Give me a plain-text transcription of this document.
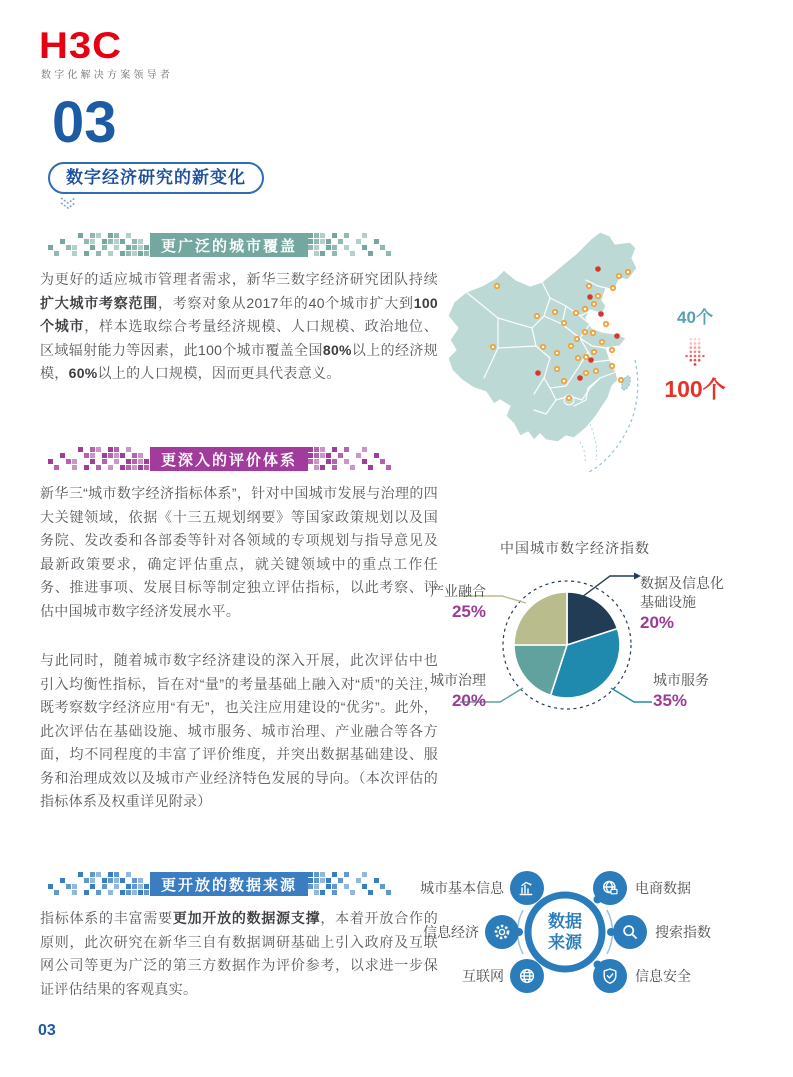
H3C
数字化解决方案领导者
03
数字经济研究的新变化
更广泛的城市覆盖

为更好的适应城市管理者需求，新华三数字经济研究团队持续扩大城市考察范围，考察对象从2017年的40个城市扩大到100个城市，样本选取综合考量经济规模、人口规模、政治地位、区域辐射能力等因素，此100个城市覆盖全国80%以上的经济规模，60%以上的人口规模，因而更具代表意义。

更深入的评价体系

新华三“城市数字经济指标体系”，针对中国城市发展与治理的四大关键领域，依据《十三五规划纲要》等国家政策规划以及国务院、发改委和各部委等针对各领域的专项规划与指导意见及最新政策要求，确定评估重点，就关键领域中的重点工作任务、推进事项、发展目标等制定独立评估指标，以此考察、评估中国城市数字经济发展水平。

与此同时，随着城市数字经济建设的深入开展，此次评估中也引入均衡性指标，旨在对“量”的考量基础上融入对“质”的关注，既考察数字经济应用“有无”，也关注应用建设的“优劣”。此外，此次评估在基础设施、城市服务、城市治理、产业融合等各方面，均不同程度的丰富了评价维度，并突出数据基础建设、服务和治理成效以及城市产业经济特色发展的导向。（本次评估的指标体系及权重详见附录）

更开放的数据来源

指标体系的丰富需要更加开放的数据源支撑，本着开放合作的原则，此次研究在新华三自有数据调研基础上引入政府及互联网公司等更为广泛的第三方数据作为评价参考，以求进一步保证评估结果的客观真实。

40个
100个
中国城市数字经济指数
产业融合
25%
数据及信息化基础设施
20%
城市治理
20%
城市服务
35%
数据
来源
城市基本信息	电商数据
信息经济	搜索指数
互联网	信息安全
03
